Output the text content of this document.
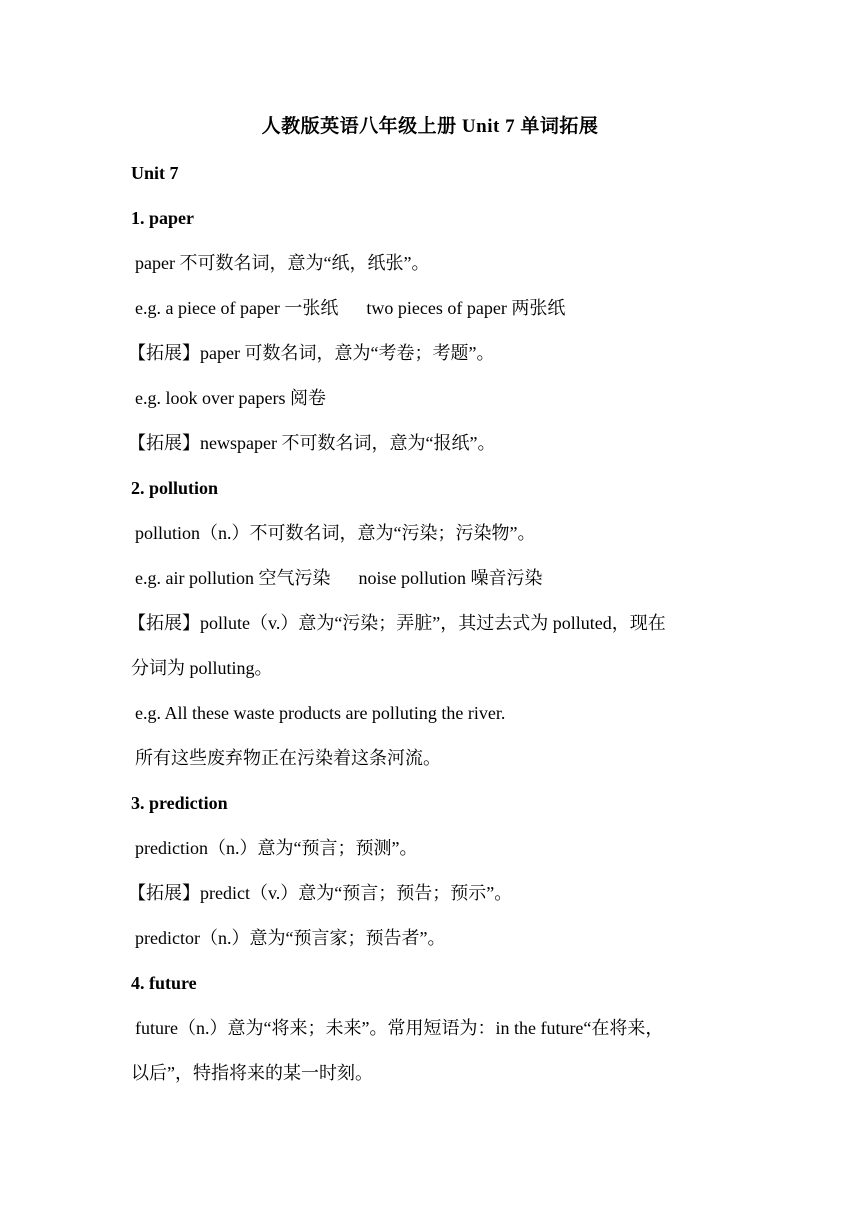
人教版英语八年级上册 Unit 7 单词拓展
Unit 7
1. paper
paper 不可数名词，意为“纸，纸张”。
e.g. a piece of paper 一张纸 two pieces of paper 两张纸
【拓展】paper 可数名词，意为“考卷；考题”。
e.g. look over papers 阅卷
【拓展】newspaper 不可数名词，意为“报纸”。
2. pollution
pollution（n.）不可数名词，意为“污染；污染物”。
e.g. air pollution 空气污染 noise pollution 噪音污染
【拓展】pollute（v.）意为“污染；弄脏”，其过去式为 polluted，现在
分词为 polluting。
e.g. All these waste products are polluting the river.
所有这些废弃物正在污染着这条河流。
3. prediction
prediction（n.）意为“预言；预测”。
【拓展】predict（v.）意为“预言；预告；预示”。
predictor（n.）意为“预言家；预告者”。
4. future
future（n.）意为“将来；未来”。常用短语为：in the future“在将来，
以后”，特指将来的某一时刻。
